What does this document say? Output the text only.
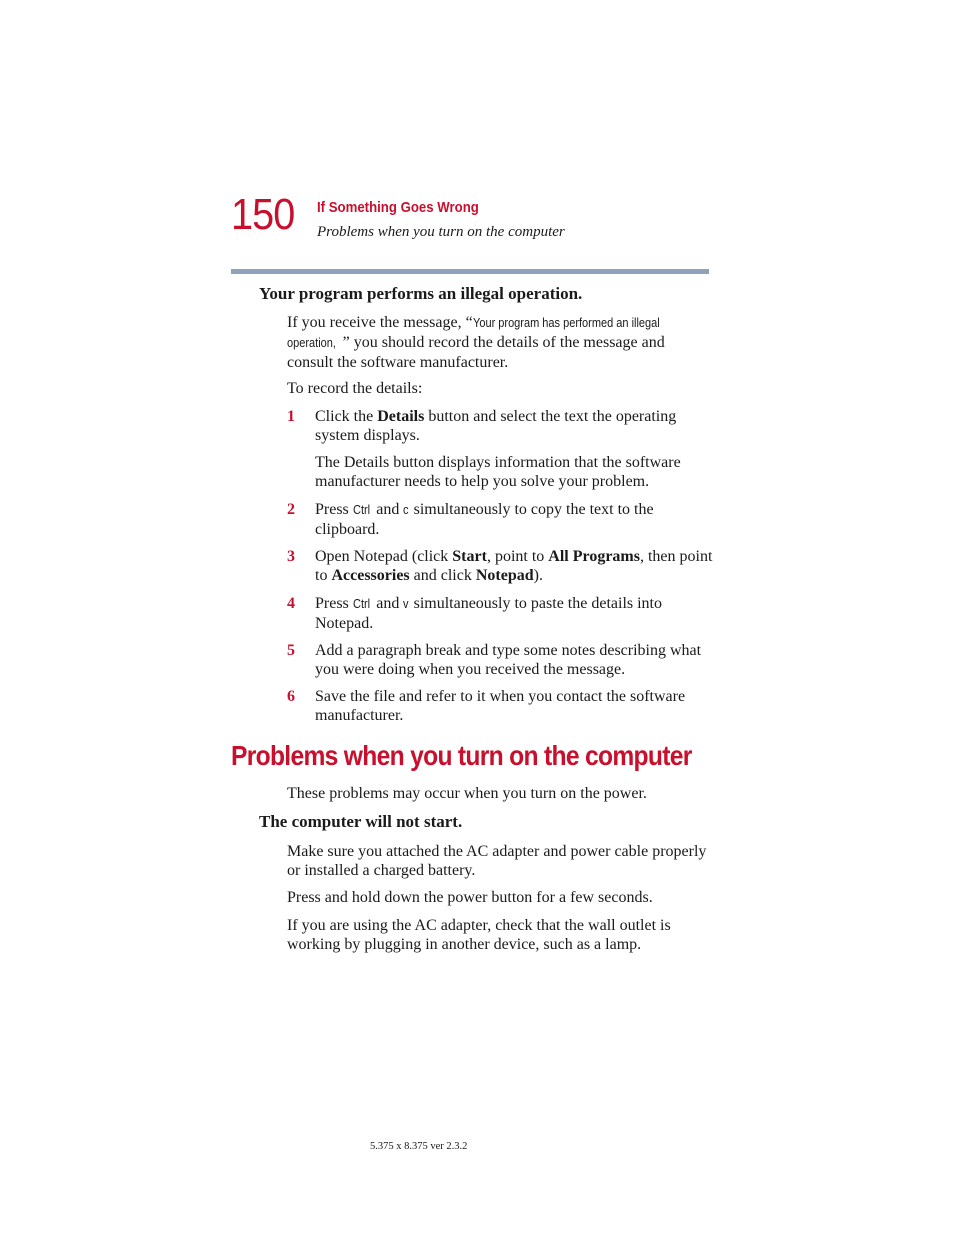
150 If Something Goes Wrong
Problems when you turn on the computer
Your program performs an illegal operation.
If you receive the message, “Your program has performed an illegal
operation, ” you should record the details of the message and consult the software manufacturer.
To record the details:
1 Click the Details button and select the text the operating system displays.
The Details button displays information that the software manufacturer needs to help you solve your problem.
2 Press Ctrl and c simultaneously to copy the text to the clipboard.
3 Open Notepad (click Start, point to All Programs, then point to Accessories and click Notepad).
4 Press Ctrl and v simultaneously to paste the details into Notepad.
5 Add a paragraph break and type some notes describing what you were doing when you received the message.
6 Save the file and refer to it when you contact the software manufacturer.
Problems when you turn on the computer
These problems may occur when you turn on the power.
The computer will not start.
Make sure you attached the AC adapter and power cable properly or installed a charged battery.
Press and hold down the power button for a few seconds.
If you are using the AC adapter, check that the wall outlet is working by plugging in another device, such as a lamp.
5.375 x 8.375 ver 2.3.2
